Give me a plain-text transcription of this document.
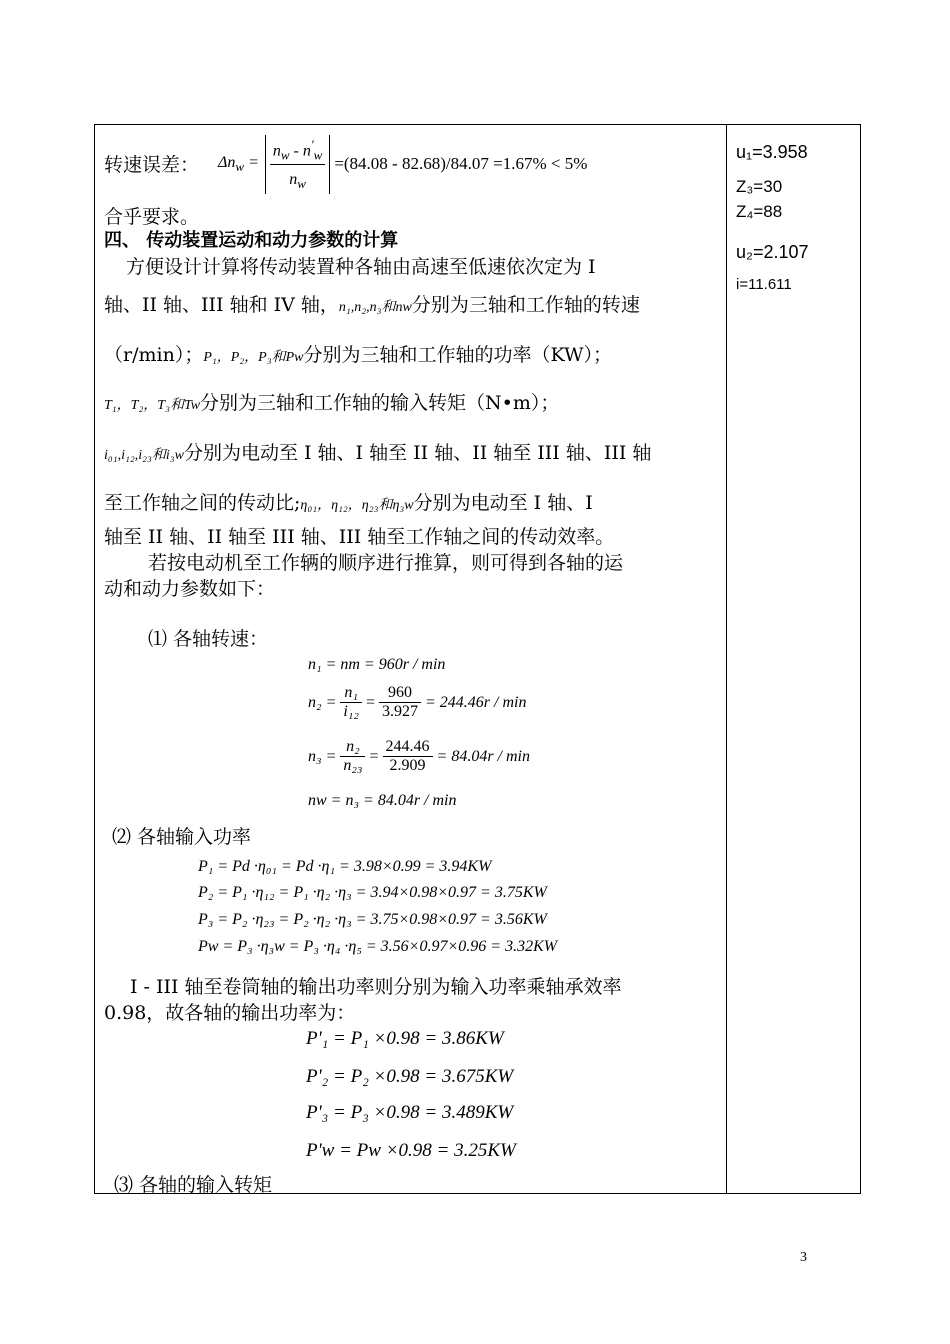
转速误差： $\Delta n_w = \frac{n_w - n'_w}{n_w} =(84.08 - 82.68)/84.07 =1.67\% < 5\%$
合乎要求。
四、 传动装置运动和动力参数的计算
方便设计计算将传动装置种各轴由高速至低速依次定为 I
轴、II 轴、III 轴和 IV 轴，n₁,n₂,n₃和nw分别为三轴和工作轴的转速
（r/min）；P₁，P₂，P₃和Pw分别为三轴和工作轴的功率（KW）；
T₁，T₂，T₃和Tw分别为三轴和工作轴的输入转矩（N•m）；
i₀₁,i₁₂,i₂₃和i₃w分别为电动至 I 轴、I 轴至 II 轴、II 轴至 III 轴、III 轴
至工作轴之间的传动比;η₀₁，η₁₂，η₂₃和η₃w分别为电动至 I 轴、I
轴至 II 轴、II 轴至 III 轴、III 轴至工作轴之间的传动效率。
若按电动机至工作辆的顺序进行推算，则可得到各轴的运
动和动力参数如下：
⑴ 各轴转速：
n₁ = nm = 960r / min
$n_2 = \frac{\text{n₁}}{\text{i₁₂}} = \frac{960}{3.927} = 244.46r / \min$
$n_3 = \frac{\text{n₂}}{\text{n₂₃}} = \frac{244.46}{2.909} = 84.04r / \min$
nw = n₃ = 84.04r / min
⑵ 各轴输入功率
P₁ = Pd ·η₀₁ = Pd ·η₁ = 3.98×0.99 = 3.94KW
P₂ = P₁ ·η₁₂ = P₁ ·η₂ ·η₃ = 3.94×0.98×0.97 = 3.75KW
P₃ = P₂ ·η₂₃ = P₂ ·η₂ ·η₃ = 3.75×0.98×0.97 = 3.56KW
Pw = P₃ ·η₃w = P₃ ·η₄ ·η₅ = 3.56×0.97×0.96 = 3.32KW
I - III 轴至卷筒轴的输出功率则分别为输入功率乘轴承效率
0.98，故各轴的输出功率为：
P'₁ = P₁ ×0.98 = 3.86KW
P'₂ = P₂ ×0.98 = 3.675KW
P'₃ = P₃ ×0.98 = 3.489KW
P'w = Pw ×0.98 = 3.25KW
⑶ 各轴的输入转矩
u₁=3.958
Z₃=30
Z₄=88
u₂=2.107
i=11.611
3
